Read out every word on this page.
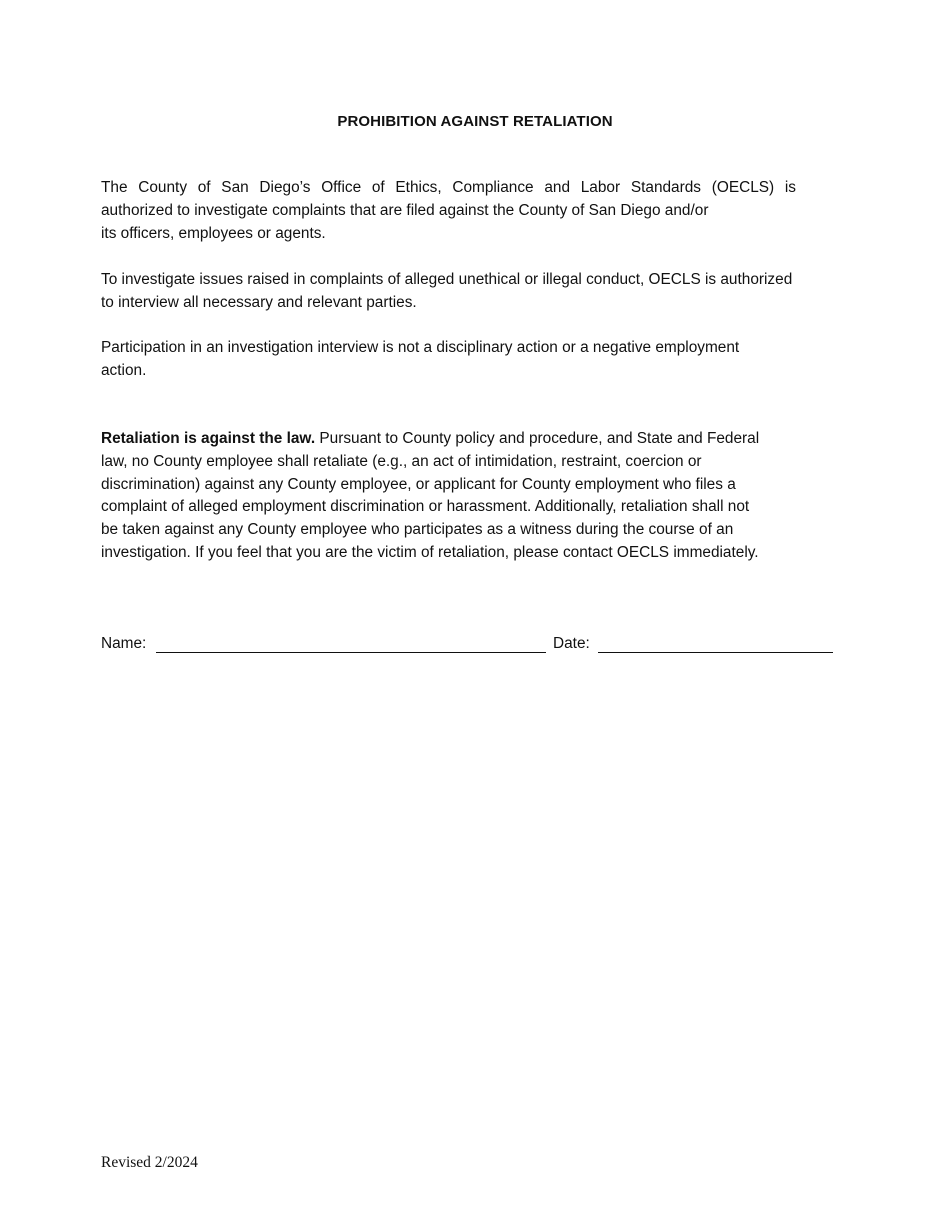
PROHIBITION AGAINST RETALIATION

The County of San Diego’s Office of Ethics, Compliance and Labor Standards (OECLS) is
authorized to investigate complaints that are filed against the County of San Diego and/or
its officers, employees or agents.

To investigate issues raised in complaints of alleged unethical or illegal conduct, OECLS is authorized
to interview all necessary and relevant parties.

Participation in an investigation interview is not a disciplinary action or a negative employment
action.

Retaliation is against the law. Pursuant to County policy and procedure, and State and Federal
law, no County employee shall retaliate (e.g., an act of intimidation, restraint, coercion or
discrimination) against any County employee, or applicant for County employment who files a
complaint of alleged employment discrimination or harassment. Additionally, retaliation shall not
be taken against any County employee who participates as a witness during the course of an
investigation. If you feel that you are the victim of retaliation, please contact OECLS immediately.

Name:	Date:
Revised 2/2024
